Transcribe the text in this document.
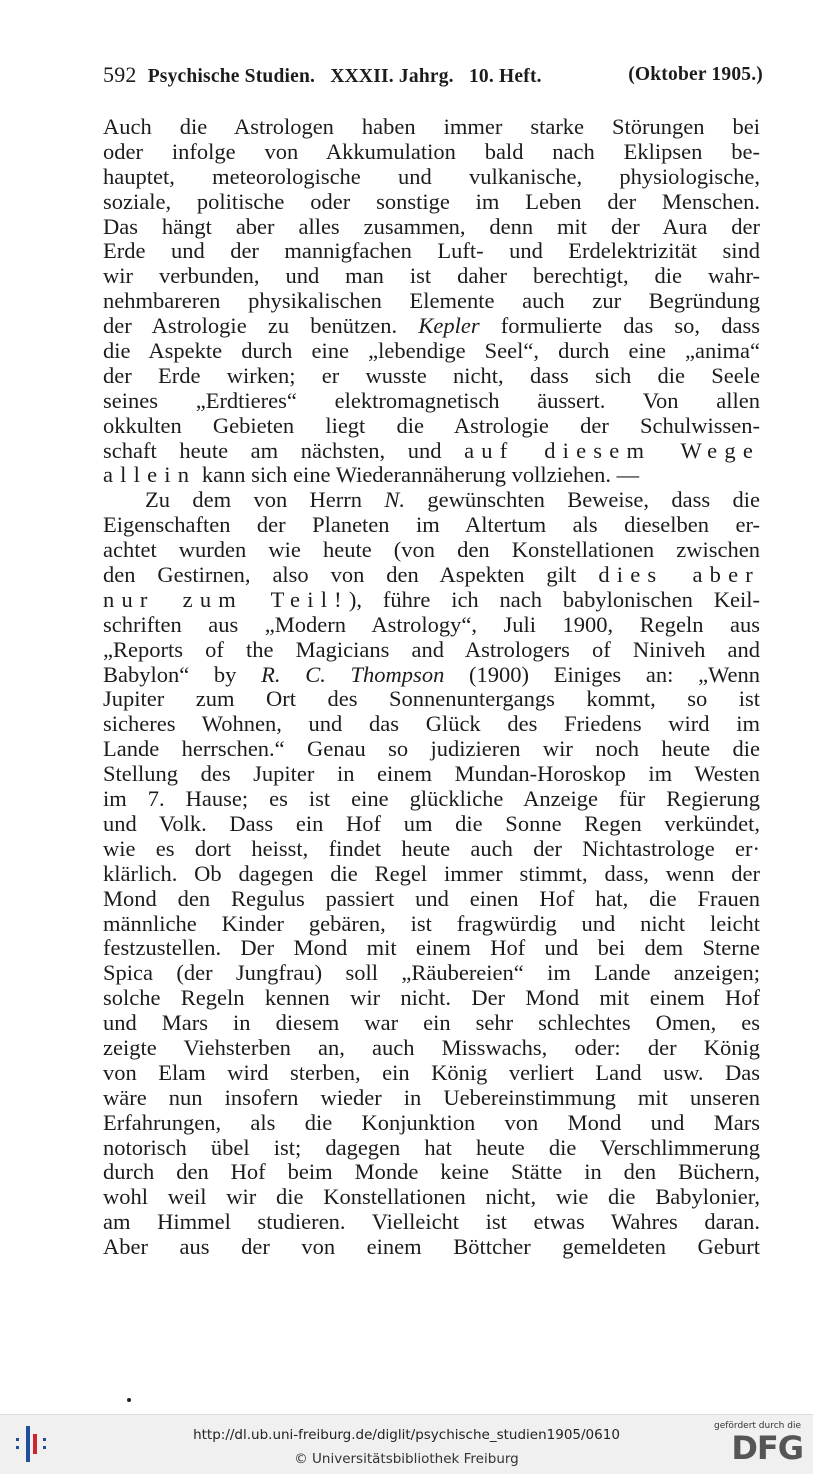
592 Psychische Studien. XXXII. Jahrg. 10. Heft.	(Oktober 1905.)
Auch die Astrologen haben immer starke Störungen bei
oder infolge von Akkumulation bald nach Eklipsen be-
hauptet, meteorologische und vulkanische, physiologische,
soziale, politische oder sonstige im Leben der Menschen.
Das hängt aber alles zusammen, denn mit der Aura der
Erde und der mannigfachen Luft- und Erdelektrizität sind
wir verbunden, und man ist daher berechtigt, die wahr-
nehmbareren physikalischen Elemente auch zur Begründung
der Astrologie zu benützen. Kepler formulierte das so, dass
die Aspekte durch eine „lebendige Seel“, durch eine „anima“
der Erde wirken; er wusste nicht, dass sich die Seele
seines „Erdtieres“ elektromagnetisch äussert. Von allen
okkulten Gebieten liegt die Astrologie der Schulwissen-
schaft heute am nächsten, und auf diesem Wege
allein kann sich eine Wiederannäherung vollziehen. —
Zu dem von Herrn N. gewünschten Beweise, dass die
Eigenschaften der Planeten im Altertum als dieselben er-
achtet wurden wie heute (von den Konstellationen zwischen
den Gestirnen, also von den Aspekten gilt dies aber
nur zum Teil!), führe ich nach babylonischen Keil-
schriften aus „Modern Astrology“, Juli 1900, Regeln aus
„Reports of the Magicians and Astrologers of Niniveh and
Babylon“ by R. C. Thompson (1900) Einiges an: „Wenn
Jupiter zum Ort des Sonnenuntergangs kommt, so ist
sicheres Wohnen, und das Glück des Friedens wird im
Lande herrschen.“ Genau so judizieren wir noch heute die
Stellung des Jupiter in einem Mundan-Horoskop im Westen
im 7. Hause; es ist eine glückliche Anzeige für Regierung
und Volk. Dass ein Hof um die Sonne Regen verkündet,
wie es dort heisst, findet heute auch der Nichtastrologe er·
klärlich. Ob dagegen die Regel immer stimmt, dass, wenn der
Mond den Regulus passiert und einen Hof hat, die Frauen
männliche Kinder gebären, ist fragwürdig und nicht leicht
festzustellen. Der Mond mit einem Hof und bei dem Sterne
Spica (der Jungfrau) soll „Räubereien“ im Lande anzeigen;
solche Regeln kennen wir nicht. Der Mond mit einem Hof
und Mars in diesem war ein sehr schlechtes Omen, es
zeigte Viehsterben an, auch Misswachs, oder: der König
von Elam wird sterben, ein König verliert Land usw. Das
wäre nun insofern wieder in Uebereinstimmung mit unseren
Erfahrungen, als die Konjunktion von Mond und Mars
notorisch übel ist; dagegen hat heute die Verschlimmerung
durch den Hof beim Monde keine Stätte in den Büchern,
wohl weil wir die Konstellationen nicht, wie die Babylonier,
am Himmel studieren. Vielleicht ist etwas Wahres daran.
Aber aus der von einem Böttcher gemeldeten Geburt
http://dl.ub.uni-freiburg.de/diglit/psychische_studien1905/0610
© Universitätsbibliothek Freiburg
gefördert durch die
DFG
